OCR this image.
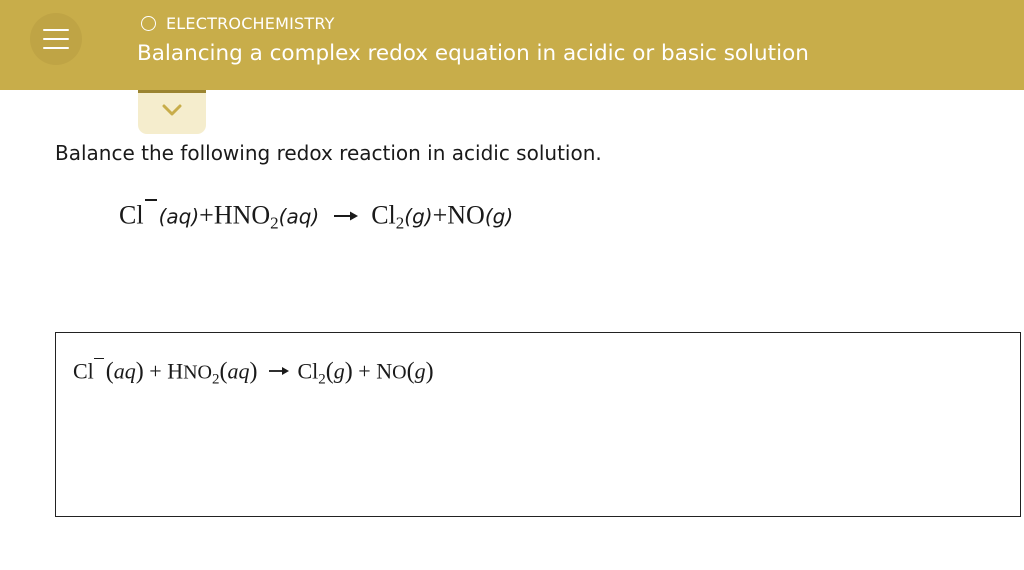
ELECTROCHEMISTRY
Balancing a complex redox equation in acidic or basic solution
Balance the following redox reaction in acidic solution.
Cl $(aq)+HNO_2(aq)$ $Cl_2(g)+NO(g)$
Cl $(aq) + HNO_2(aq) Cl_2(g) + NO(g)$
